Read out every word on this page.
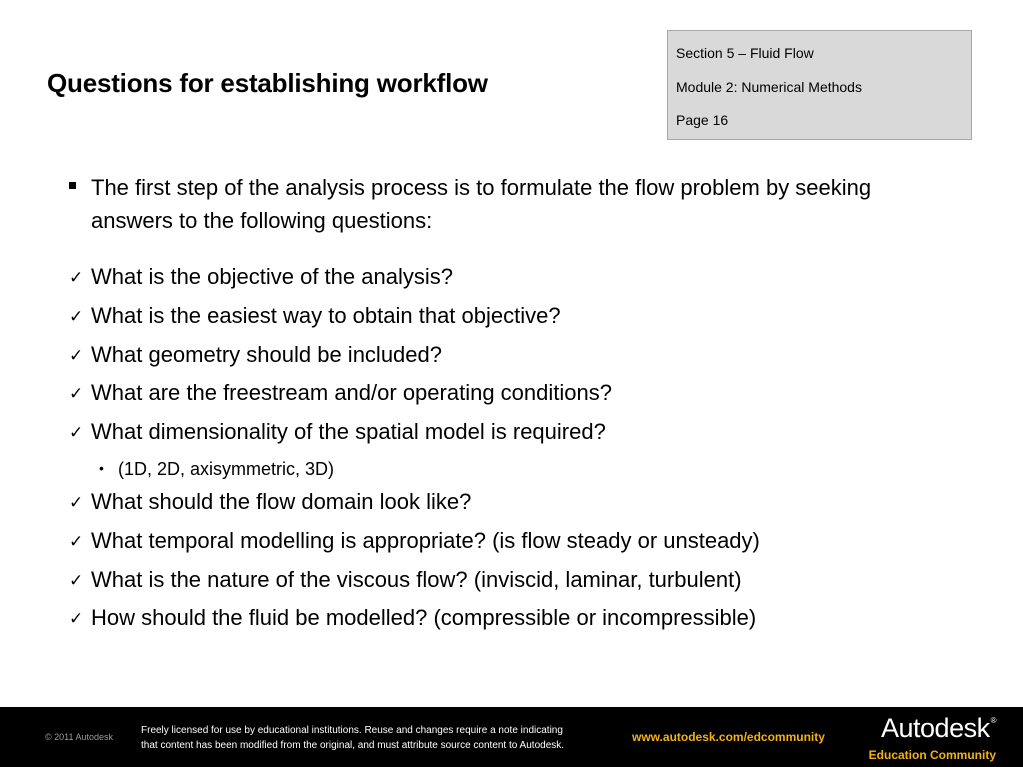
Questions for establishing workflow
Section 5 – Fluid Flow
Module 2: Numerical Methods
Page 16
The first step of the analysis process is to formulate the flow problem by seeking answers to the following questions:
✓ What is the objective of the analysis?
✓ What is the easiest way to obtain that objective?
✓ What geometry should be included?
✓ What are the freestream and/or operating conditions?
✓ What dimensionality of the spatial model is required?
• (1D, 2D, axisymmetric, 3D)
✓ What should the flow domain look like?
✓ What temporal modelling is appropriate? (is flow steady or unsteady)
✓ What is the nature of the viscous flow? (inviscid, laminar, turbulent)
✓ How should the fluid be modelled? (compressible or incompressible)
© 2011 Autodesk
Freely licensed for use by educational institutions. Reuse and changes require a note indicating
that content has been modified from the original, and must attribute source content to Autodesk.
www.autodesk.com/edcommunity Autodesk®
Education Community
